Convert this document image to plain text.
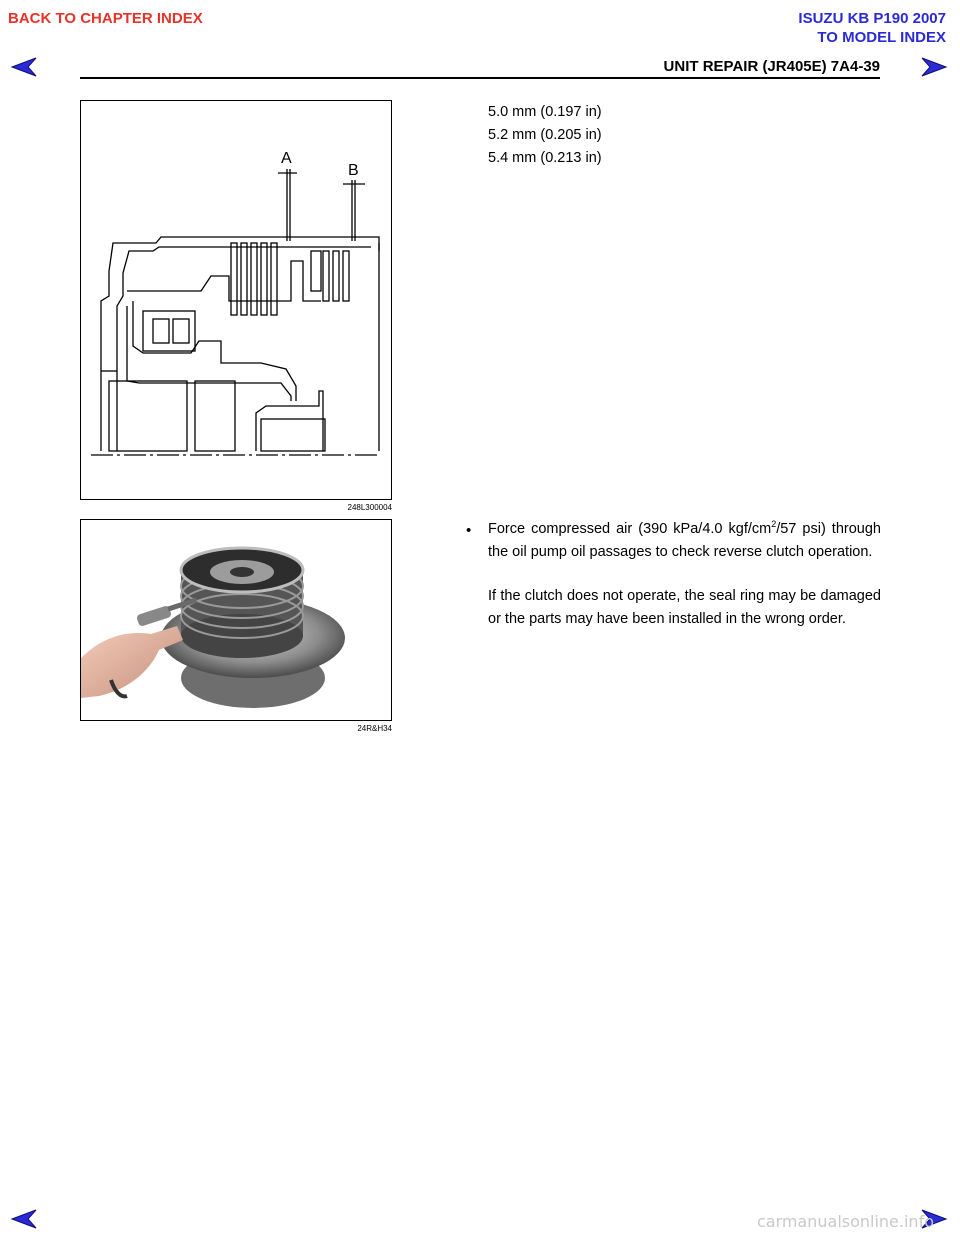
BACK TO CHAPTER INDEX	ISUZU KB P190 2007
TO MODEL INDEX
UNIT REPAIR (JR405E) 7A4-39
A
B
248L300004
24R&H34
5.0 mm (0.197 in)
5.2 mm (0.205 in)
5.4 mm (0.213 in)
• Force compressed air (390 kPa/4.0 kgf/$cm^2/57$ psi) through the oil pump oil passages to check reverse clutch operation.
If the clutch does not operate, the seal ring may be damaged or the parts may have been installed in the wrong order.
carmanualsonline.info
